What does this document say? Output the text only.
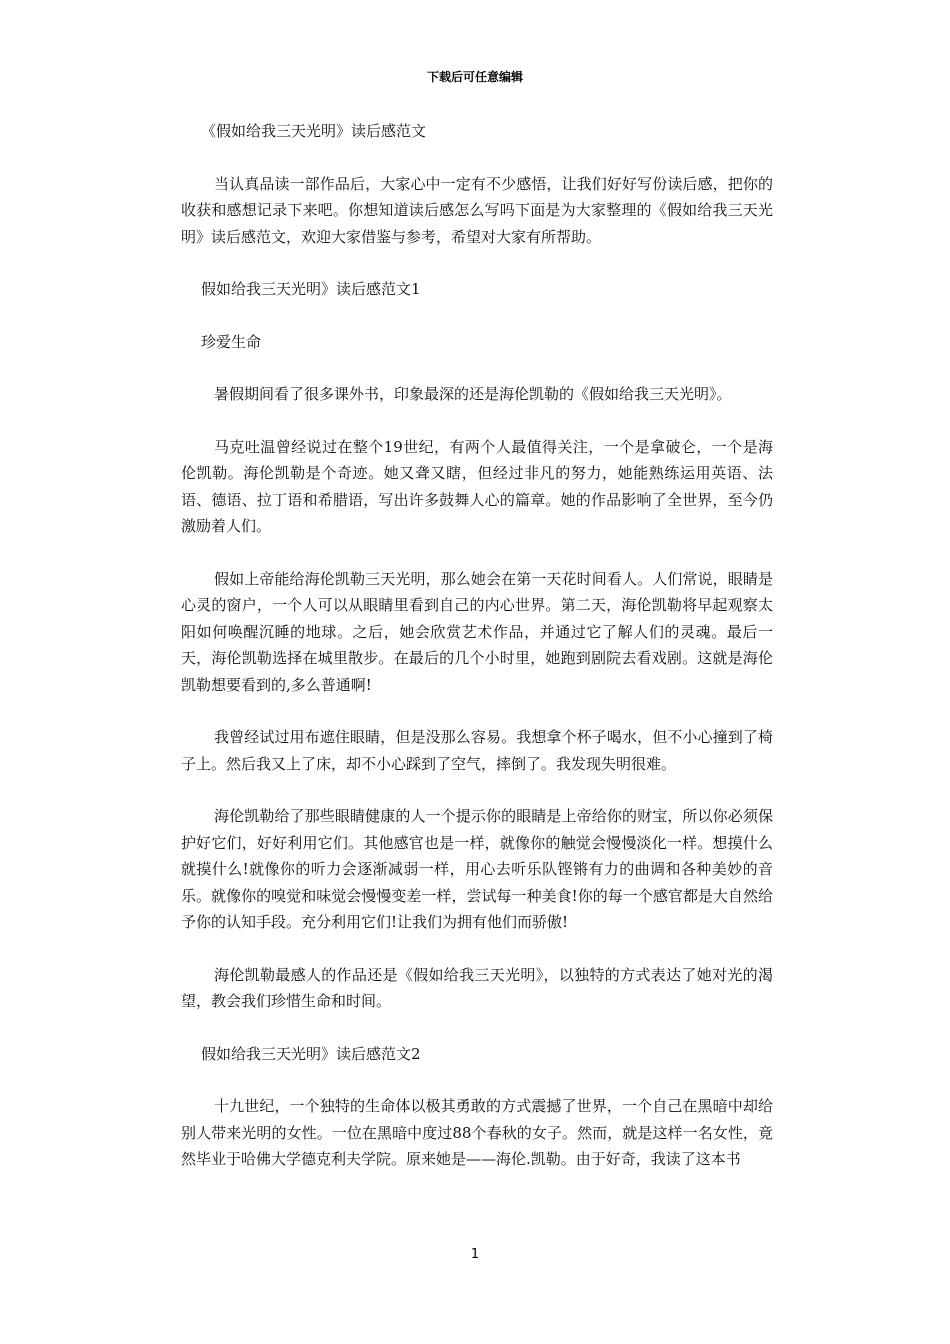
下载后可任意编辑

《假如给我三天光明》读后感范文

当认真品读一部作品后，大家心中一定有不少感悟，让我们好好写份读后感，把你的收获和感想记录下来吧。你想知道读后感怎么写吗下面是为大家整理的《假如给我三天光明》读后感范文，欢迎大家借鉴与参考，希望对大家有所帮助。

假如给我三天光明》读后感范文1

珍爱生命

暑假期间看了很多课外书，印象最深的还是海伦凯勒的《假如给我三天光明》。

马克吐温曾经说过在整个19世纪，有两个人最值得关注，一个是拿破仑，一个是海伦凯勒。海伦凯勒是个奇迹。她又聋又瞎，但经过非凡的努力，她能熟练运用英语、法语、德语、拉丁语和希腊语，写出许多鼓舞人心的篇章。她的作品影响了全世界，至今仍激励着人们。

假如上帝能给海伦凯勒三天光明，那么她会在第一天花时间看人。人们常说，眼睛是心灵的窗户，一个人可以从眼睛里看到自己的内心世界。第二天，海伦凯勒将早起观察太阳如何唤醒沉睡的地球。之后，她会欣赏艺术作品，并通过它了解人们的灵魂。最后一天，海伦凯勒选择在城里散步。在最后的几个小时里，她跑到剧院去看戏剧。这就是海伦凯勒想要看到的,多么普通啊!

我曾经试过用布遮住眼睛，但是没那么容易。我想拿个杯子喝水，但不小心撞到了椅子上。然后我又上了床，却不小心踩到了空气，摔倒了。我发现失明很难。

海伦凯勒给了那些眼睛健康的人一个提示你的眼睛是上帝给你的财宝，所以你必须保护好它们，好好利用它们。其他感官也是一样，就像你的触觉会慢慢淡化一样。想摸什么就摸什么!就像你的听力会逐渐减弱一样，用心去听乐队铿锵有力的曲调和各种美妙的音乐。就像你的嗅觉和味觉会慢慢变差一样，尝试每一种美食!你的每一个感官都是大自然给予你的认知手段。充分利用它们!让我们为拥有他们而骄傲!

海伦凯勒最感人的作品还是《假如给我三天光明》，以独特的方式表达了她对光的渴望，教会我们珍惜生命和时间。

假如给我三天光明》读后感范文2

十九世纪，一个独特的生命体以极其勇敢的方式震撼了世界，一个自己在黑暗中却给别人带来光明的女性。一位在黑暗中度过88个春秋的女子。然而，就是这样一名女性，竟然毕业于哈佛大学德克利夫学院。原来她是——海伦.凯勒。由于好奇，我读了这本书

1
